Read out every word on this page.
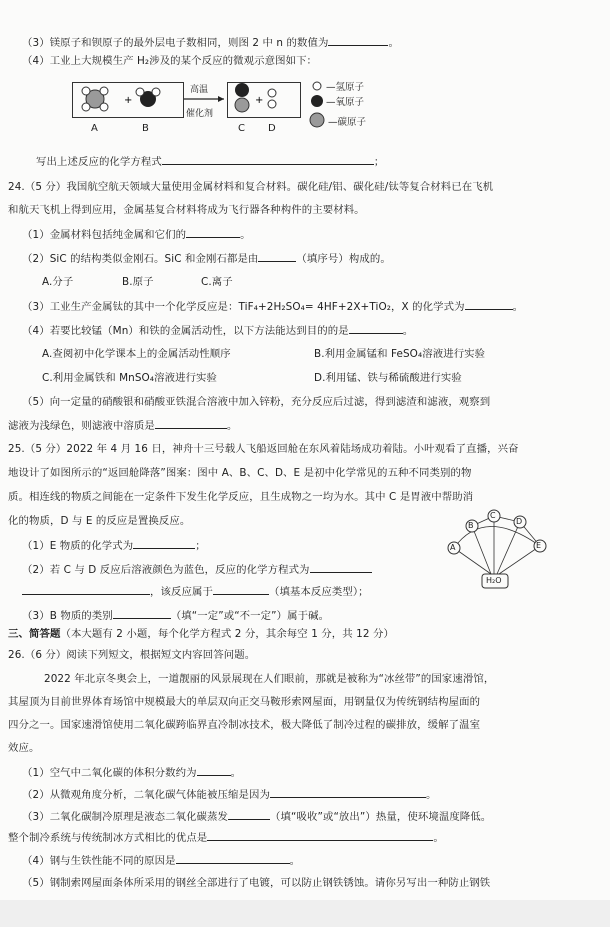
（3）镁原子和钡原子的最外层电子数相同，则图 2 中 n 的数值为	。
（4）工业上大规模生产 H₂涉及的某个反应的微观示意图如下：
+	+
高温
催化剂
A	B	C D
—氢原子
—氧原子
—碳原子
写出上述反应的化学方程式	；
24.（5 分）我国航空航天领域大量使用金属材料和复合材料。碳化硅/铝、碳化硅/钛等复合材料已在飞机
和航天飞机上得到应用，金属基复合材料将成为飞行器各种构件的主要材料。
（1）金属材料包括纯金属和它们的	。
（2）SiC 的结构类似金刚石。SiC 和金刚石都是由	（填序号）构成的。
A.分子	B.原子	C.离子
（3）工业生产金属钛的其中一个化学反应是：TiF₄+2H₂SO₄= 4HF+2X+TiO₂，X 的化学式为	。
（4）若要比较锰（Mn）和铁的金属活动性，以下方法能达到目的的是	。
A.查阅初中化学课本上的金属活动性顺序	B.利用金属锰和 FeSO₄溶液进行实验
C.利用金属铁和 MnSO₄溶液进行实验	D.利用锰、铁与稀硫酸进行实验
（5）向一定量的硝酸银和硝酸亚铁混合溶液中加入锌粉，充分反应后过滤，得到滤渣和滤液，观察到
滤液为浅绿色，则滤液中溶质是	。
25.（5 分）2022 年 4 月 16 日，神舟十三号载人飞船返回舱在东风着陆场成功着陆。小叶观看了直播，兴奋
地设计了如图所示的“返回舱降落”图案：图中 A、B、C、D、E 是初中化学常见的五种不同类别的物
质。相连线的物质之间能在一定条件下发生化学反应，且生成物之一均为水。其中 C 是胃液中帮助消
化的物质，D 与 E 的反应是置换反应。
（1）E 物质的化学式为	；
（2）若 C 与 D 反应后溶液颜色为蓝色，反应的化学方程式为
，该反应属于	（填基本反应类型）；
（3）B 物质的类别	（填“一定”或“不一定”）属于碱。
A
B
C
D
E
H₂O
三、简答题（本大题有 2 小题，每个化学方程式 2 分，其余每空 1 分，共 12 分）
26.（6 分）阅读下列短文，根据短文内容回答问题。
2022 年北京冬奥会上，一道靓丽的风景展现在人们眼前，那就是被称为“冰丝带”的国家速滑馆，
其屋顶为目前世界体育场馆中规模最大的单层双向正交马鞍形索网屋面，用钢量仅为传统钢结构屋面的
四分之一。国家速滑馆使用二氧化碳跨临界直冷制冰技术，极大降低了制冷过程的碳排放，缓解了温室
效应。
（1）空气中二氧化碳的体积分数约为	。
（2）从微观角度分析，二氧化碳气体能被压缩是因为	。
（3）二氧化碳制冷原理是液态二氧化碳蒸发	（填“吸收”或“放出”）热量，使环境温度降低。
整个制冷系统与传统制冰方式相比的优点是	。
（4）钢与生铁性能不同的原因是	。
（5）钢制索网屋面条体所采用的钢丝全部进行了电镀，可以防止钢铁锈蚀。请你另写出一种防止钢铁
